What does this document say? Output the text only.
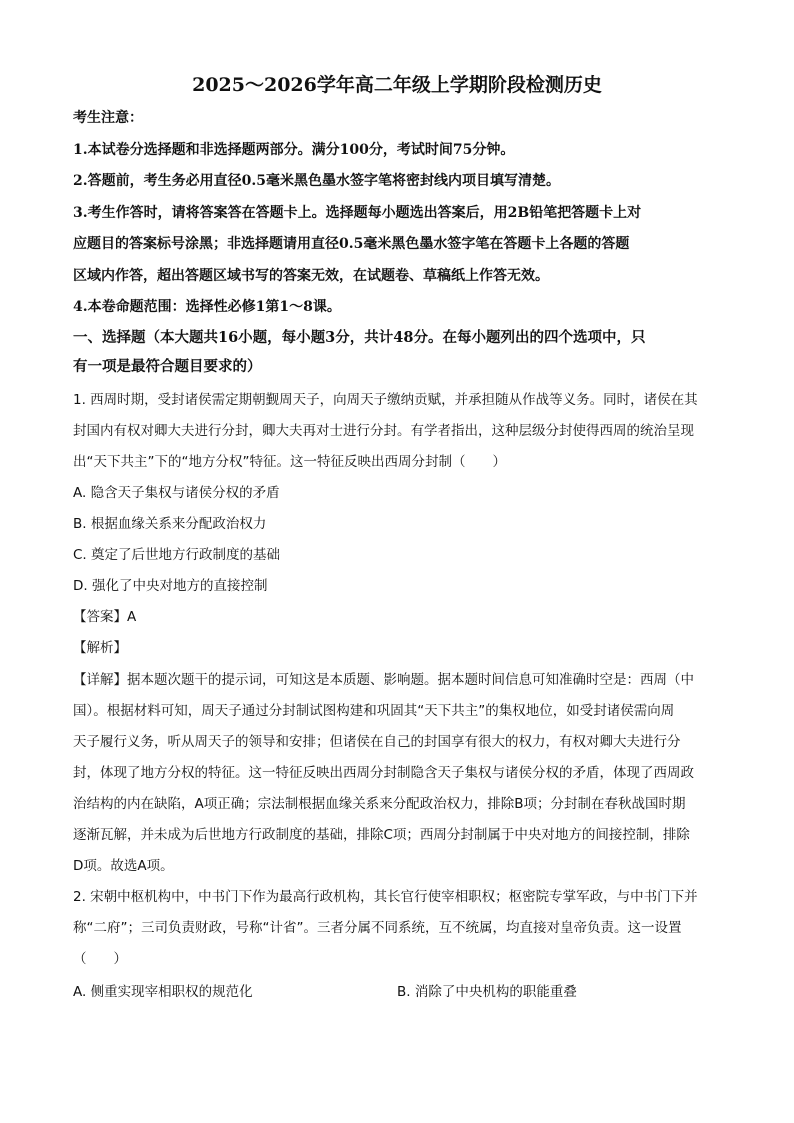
2025～2026学年高二年级上学期阶段检测历史
考生注意：
1.本试卷分选择题和非选择题两部分。满分100分，考试时间75分钟。
2.答题前，考生务必用直径0.5毫米黑色墨水签字笔将密封线内项目填写清楚。
3.考生作答时，请将答案答在答题卡上。选择题每小题选出答案后，用2B铅笔把答题卡上对
应题目的答案标号涂黑；非选择题请用直径0.5毫米黑色墨水签字笔在答题卡上各题的答题
区域内作答，超出答题区域书写的答案无效，在试题卷、草稿纸上作答无效。
4.本卷命题范围：选择性必修1第1～8课。
一、选择题（本大题共16小题，每小题3分，共计48分。在每小题列出的四个选项中，只
有一项是最符合题目要求的）
1. 西周时期，受封诸侯需定期朝觐周天子，向周天子缴纳贡赋，并承担随从作战等义务。同时，诸侯在其
封国内有权对卿大夫进行分封，卿大夫再对士进行分封。有学者指出，这种层级分封使得西周的统治呈现
出“天下共主”下的“地方分权”特征。这一特征反映出西周分封制（　　）
A. 隐含天子集权与诸侯分权的矛盾
B. 根据血缘关系来分配政治权力
C. 奠定了后世地方行政制度的基础
D. 强化了中央对地方的直接控制
【答案】A
【解析】
【详解】据本题次题干的提示词，可知这是本质题、影响题。据本题时间信息可知准确时空是：西周（中
国）。根据材料可知，周天子通过分封制试图构建和巩固其“天下共主”的集权地位，如受封诸侯需向周
天子履行义务，听从周天子的领导和安排；但诸侯在自己的封国享有很大的权力，有权对卿大夫进行分
封，体现了地方分权的特征。这一特征反映出西周分封制隐含天子集权与诸侯分权的矛盾，体现了西周政
治结构的内在缺陷，A项正确；宗法制根据血缘关系来分配政治权力，排除B项；分封制在春秋战国时期
逐渐瓦解，并未成为后世地方行政制度的基础，排除C项；西周分封制属于中央对地方的间接控制，排除
D项。故选A项。
2. 宋朝中枢机构中，中书门下作为最高行政机构，其长官行使宰相职权；枢密院专掌军政，与中书门下并
称“二府”；三司负责财政，号称“计省”。三者分属不同系统，互不统属，均直接对皇帝负责。这一设置
（　　）
A. 侧重实现宰相职权的规范化	B. 消除了中央机构的职能重叠
